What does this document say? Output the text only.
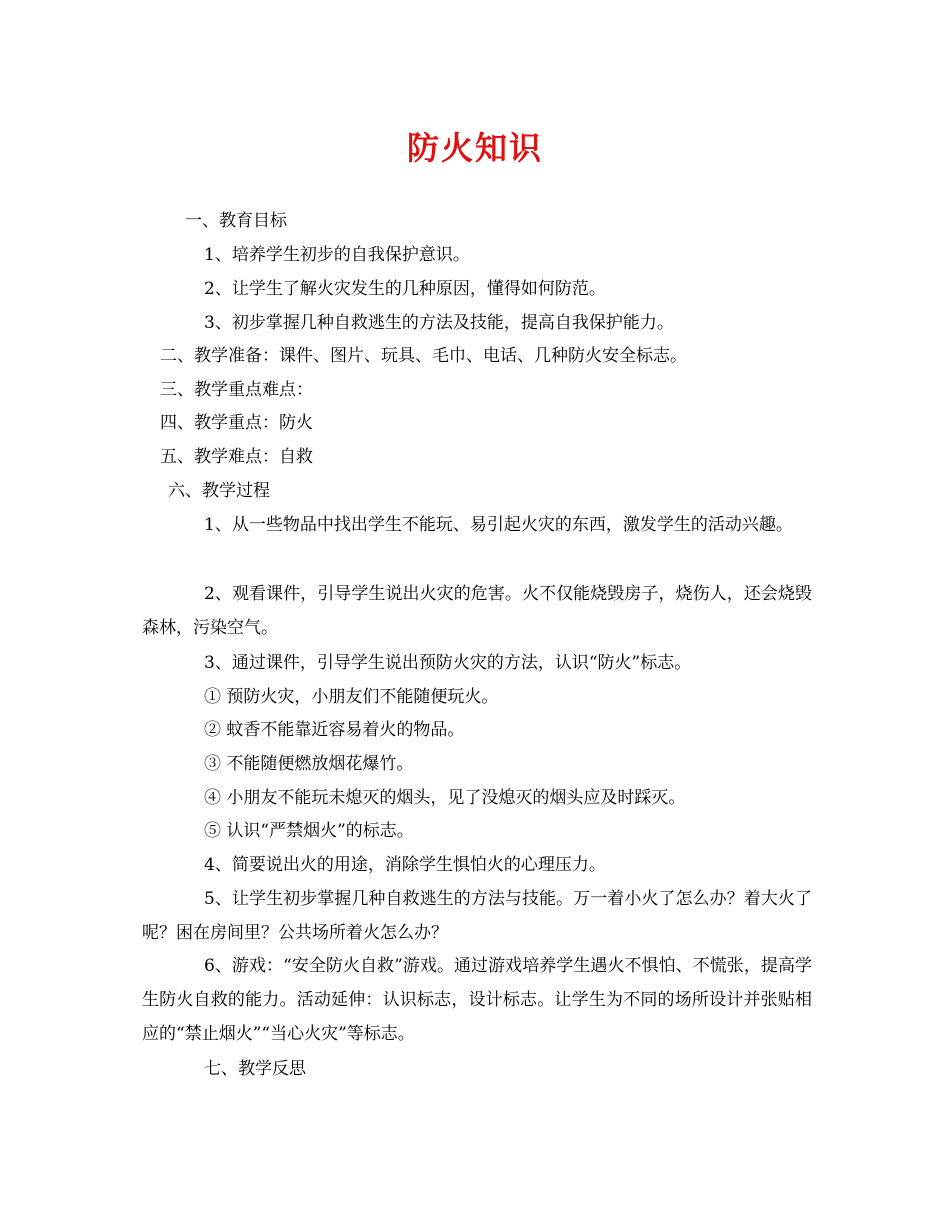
防火知识
一、教育目标
1、培养学生初步的自我保护意识。
2、让学生了解火灾发生的几种原因，懂得如何防范。
3、初步掌握几种自救逃生的方法及技能，提高自我保护能力。
二、教学准备：课件、图片、玩具、毛巾、电话、几种防火安全标志。
三、教学重点难点：
四、教学重点：防火
五、教学难点：自救
六、教学过程
1、从一些物品中找出学生不能玩、易引起火灾的东西，激发学生的活动兴趣。
2、观看课件，引导学生说出火灾的危害。火不仅能烧毁房子，烧伤人，还会烧毁森林，污染空气。
3、通过课件，引导学生说出预防火灾的方法，认识“防火”标志。
① 预防火灾，小朋友们不能随便玩火。
② 蚊香不能靠近容易着火的物品。
③ 不能随便燃放烟花爆竹。
④ 小朋友不能玩未熄灭的烟头，见了没熄灭的烟头应及时踩灭。
⑤ 认识“严禁烟火”的标志。
4、简要说出火的用途，消除学生惧怕火的心理压力。
5、让学生初步掌握几种自救逃生的方法与技能。万一着小火了怎么办？着大火了呢？困在房间里？公共场所着火怎么办？
6、游戏：“安全防火自救”游戏。通过游戏培养学生遇火不惧怕、不慌张，提高学生防火自救的能力。活动延伸：认识标志，设计标志。让学生为不同的场所设计并张贴相应的“禁止烟火”“当心火灾”等标志。
七、教学反思
